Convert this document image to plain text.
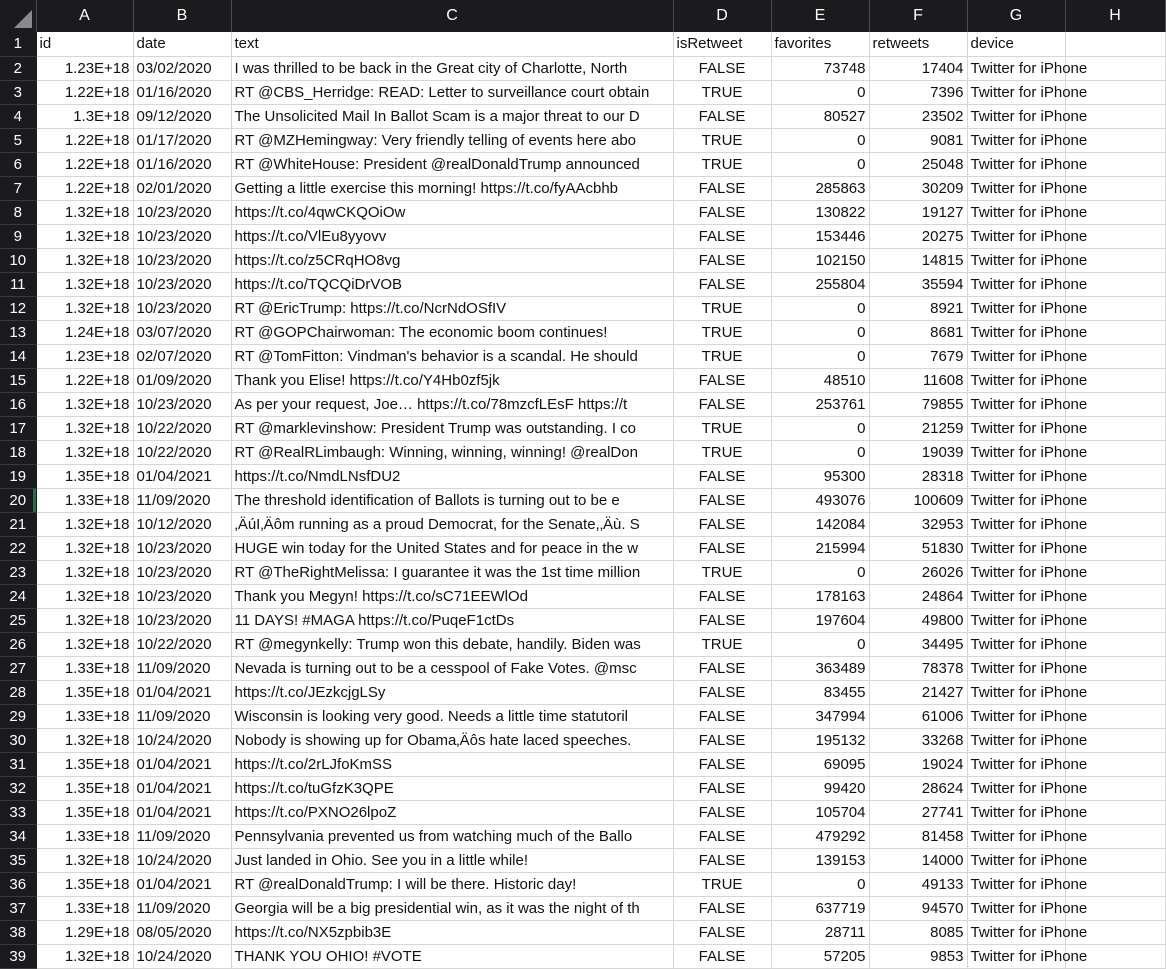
	A	B	C	D	E	F	G	H
1	id	date	text	isRetweet	favorites	retweets	device	
2	1.23E+18	03/02/2020	I was thrilled to be back in the Great city of Charlotte, North	FALSE	73748	17404	Twitter for iPhone	
3	1.22E+18	01/16/2020	RT @CBS_Herridge: READ: Letter to surveillance court obtain	TRUE	0	7396	Twitter for iPhone	
4	1.3E+18	09/12/2020	The Unsolicited Mail In Ballot Scam is a major threat to our D	FALSE	80527	23502	Twitter for iPhone	
5	1.22E+18	01/17/2020	RT @MZHemingway: Very friendly telling of events here abo	TRUE	0	9081	Twitter for iPhone	
6	1.22E+18	01/16/2020	RT @WhiteHouse: President @realDonaldTrump announced	TRUE	0	25048	Twitter for iPhone	
7	1.22E+18	02/01/2020	Getting a little exercise this morning! https://t.co/fyAAcbhb	FALSE	285863	30209	Twitter for iPhone	
8	1.32E+18	10/23/2020	https://t.co/4qwCKQOiOw	FALSE	130822	19127	Twitter for iPhone	
9	1.32E+18	10/23/2020	https://t.co/VlEu8yyovv	FALSE	153446	20275	Twitter for iPhone	
10	1.32E+18	10/23/2020	https://t.co/z5CRqHO8vg	FALSE	102150	14815	Twitter for iPhone	
11	1.32E+18	10/23/2020	https://t.co/TQCQiDrVOB	FALSE	255804	35594	Twitter for iPhone	
12	1.32E+18	10/23/2020	RT @EricTrump: https://t.co/NcrNdOSfIV	TRUE	0	8921	Twitter for iPhone	
13	1.24E+18	03/07/2020	RT @GOPChairwoman: The economic boom continues!	TRUE	0	8681	Twitter for iPhone	
14	1.23E+18	02/07/2020	RT @TomFitton: Vindman's behavior is a scandal. He should	TRUE	0	7679	Twitter for iPhone	
15	1.22E+18	01/09/2020	Thank you Elise! https://t.co/Y4Hb0zf5jk	FALSE	48510	11608	Twitter for iPhone	
16	1.32E+18	10/23/2020	As per your request, Joe… https://t.co/78mzcfLEsF https://t	FALSE	253761	79855	Twitter for iPhone	
17	1.32E+18	10/22/2020	RT @marklevinshow: President Trump was outstanding. I co	TRUE	0	21259	Twitter for iPhone	
18	1.32E+18	10/22/2020	RT @RealRLimbaugh: Winning, winning, winning! @realDon	TRUE	0	19039	Twitter for iPhone	
19	1.35E+18	01/04/2021	https://t.co/NmdLNsfDU2	FALSE	95300	28318	Twitter for iPhone	
20	1.33E+18	11/09/2020	The threshold identification of Ballots is turning out to be e	FALSE	493076	100609	Twitter for iPhone	
21	1.32E+18	10/12/2020	‚ÄúI‚Äôm running as a proud Democrat, for the Senate,‚Äù. S	FALSE	142084	32953	Twitter for iPhone	
22	1.32E+18	10/23/2020	HUGE win today for the United States and for peace in the w	FALSE	215994	51830	Twitter for iPhone	
23	1.32E+18	10/23/2020	RT @TheRightMelissa: I guarantee it was the 1st time million	TRUE	0	26026	Twitter for iPhone	
24	1.32E+18	10/23/2020	Thank you Megyn! https://t.co/sC71EEWlOd	FALSE	178163	24864	Twitter for iPhone	
25	1.32E+18	10/23/2020	11 DAYS! #MAGA https://t.co/PuqeF1ctDs	FALSE	197604	49800	Twitter for iPhone	
26	1.32E+18	10/22/2020	RT @megynkelly: Trump won this debate, handily. Biden was	TRUE	0	34495	Twitter for iPhone	
27	1.33E+18	11/09/2020	Nevada is turning out to be a cesspool of Fake Votes. @msc	FALSE	363489	78378	Twitter for iPhone	
28	1.35E+18	01/04/2021	https://t.co/JEzkcjgLSy	FALSE	83455	21427	Twitter for iPhone	
29	1.33E+18	11/09/2020	Wisconsin is looking very good. Needs a little time statutoril	FALSE	347994	61006	Twitter for iPhone	
30	1.32E+18	10/24/2020	Nobody is showing up for Obama‚Äôs hate laced speeches.	FALSE	195132	33268	Twitter for iPhone	
31	1.35E+18	01/04/2021	https://t.co/2rLJfoKmSS	FALSE	69095	19024	Twitter for iPhone	
32	1.35E+18	01/04/2021	https://t.co/tuGfzK3QPE	FALSE	99420	28624	Twitter for iPhone	
33	1.35E+18	01/04/2021	https://t.co/PXNO26lpoZ	FALSE	105704	27741	Twitter for iPhone	
34	1.33E+18	11/09/2020	Pennsylvania prevented us from watching much of the Ballo	FALSE	479292	81458	Twitter for iPhone	
35	1.32E+18	10/24/2020	Just landed in Ohio. See you in a little while!	FALSE	139153	14000	Twitter for iPhone	
36	1.35E+18	01/04/2021	RT @realDonaldTrump: I will be there. Historic day!	TRUE	0	49133	Twitter for iPhone	
37	1.33E+18	11/09/2020	Georgia will be a big presidential win, as it was the night of th	FALSE	637719	94570	Twitter for iPhone	
38	1.29E+18	08/05/2020	https://t.co/NX5zpbib3E	FALSE	28711	8085	Twitter for iPhone	
39	1.32E+18	10/24/2020	THANK YOU OHIO! #VOTE	FALSE	57205	9853	Twitter for iPhone	
